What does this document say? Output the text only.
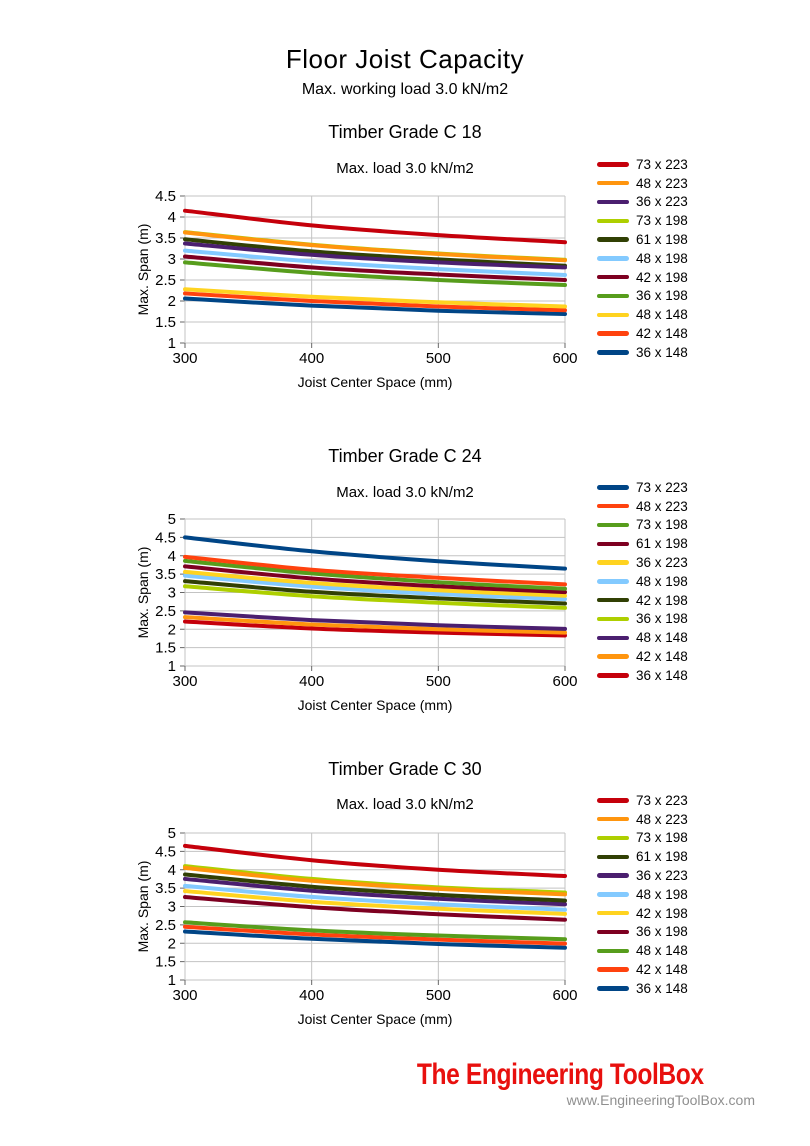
Floor Joist Capacity
Max. working load 3.0 kN/m2
Timber Grade C 18
Max. load 3.0 kN/m2
1
1.5
2
2.5
3
3.5
4
4.5
300	400	500	600
Joist Center Space (mm)
Max. Span (m)
73 x 223
48 x 223
36 x 223
73 x 198
61 x 198
48 x 198
42 x 198
36 x 198
48 x 148
42 x 148
36 x 148
Timber Grade C 24
Max. load 3.0 kN/m2
1
1.5
2
2.5
3
3.5
4
4.5
5
300	400	500	600
Joist Center Space (mm)
Max. Span (m)
73 x 223
48 x 223
73 x 198
61 x 198
36 x 223
48 x 198
42 x 198
36 x 198
48 x 148
42 x 148
36 x 148
Timber Grade C 30
Max. load 3.0 kN/m2
1
1.5
2
2.5
3
3.5
4
4.5
5
300	400	500	600
Joist Center Space (mm)
Max. Span (m)
73 x 223
48 x 223
73 x 198
61 x 198
36 x 223
48 x 198
42 x 198
36 x 198
48 x 148
42 x 148
36 x 148
The Engineering ToolBox
www.EngineeringToolBox.com
